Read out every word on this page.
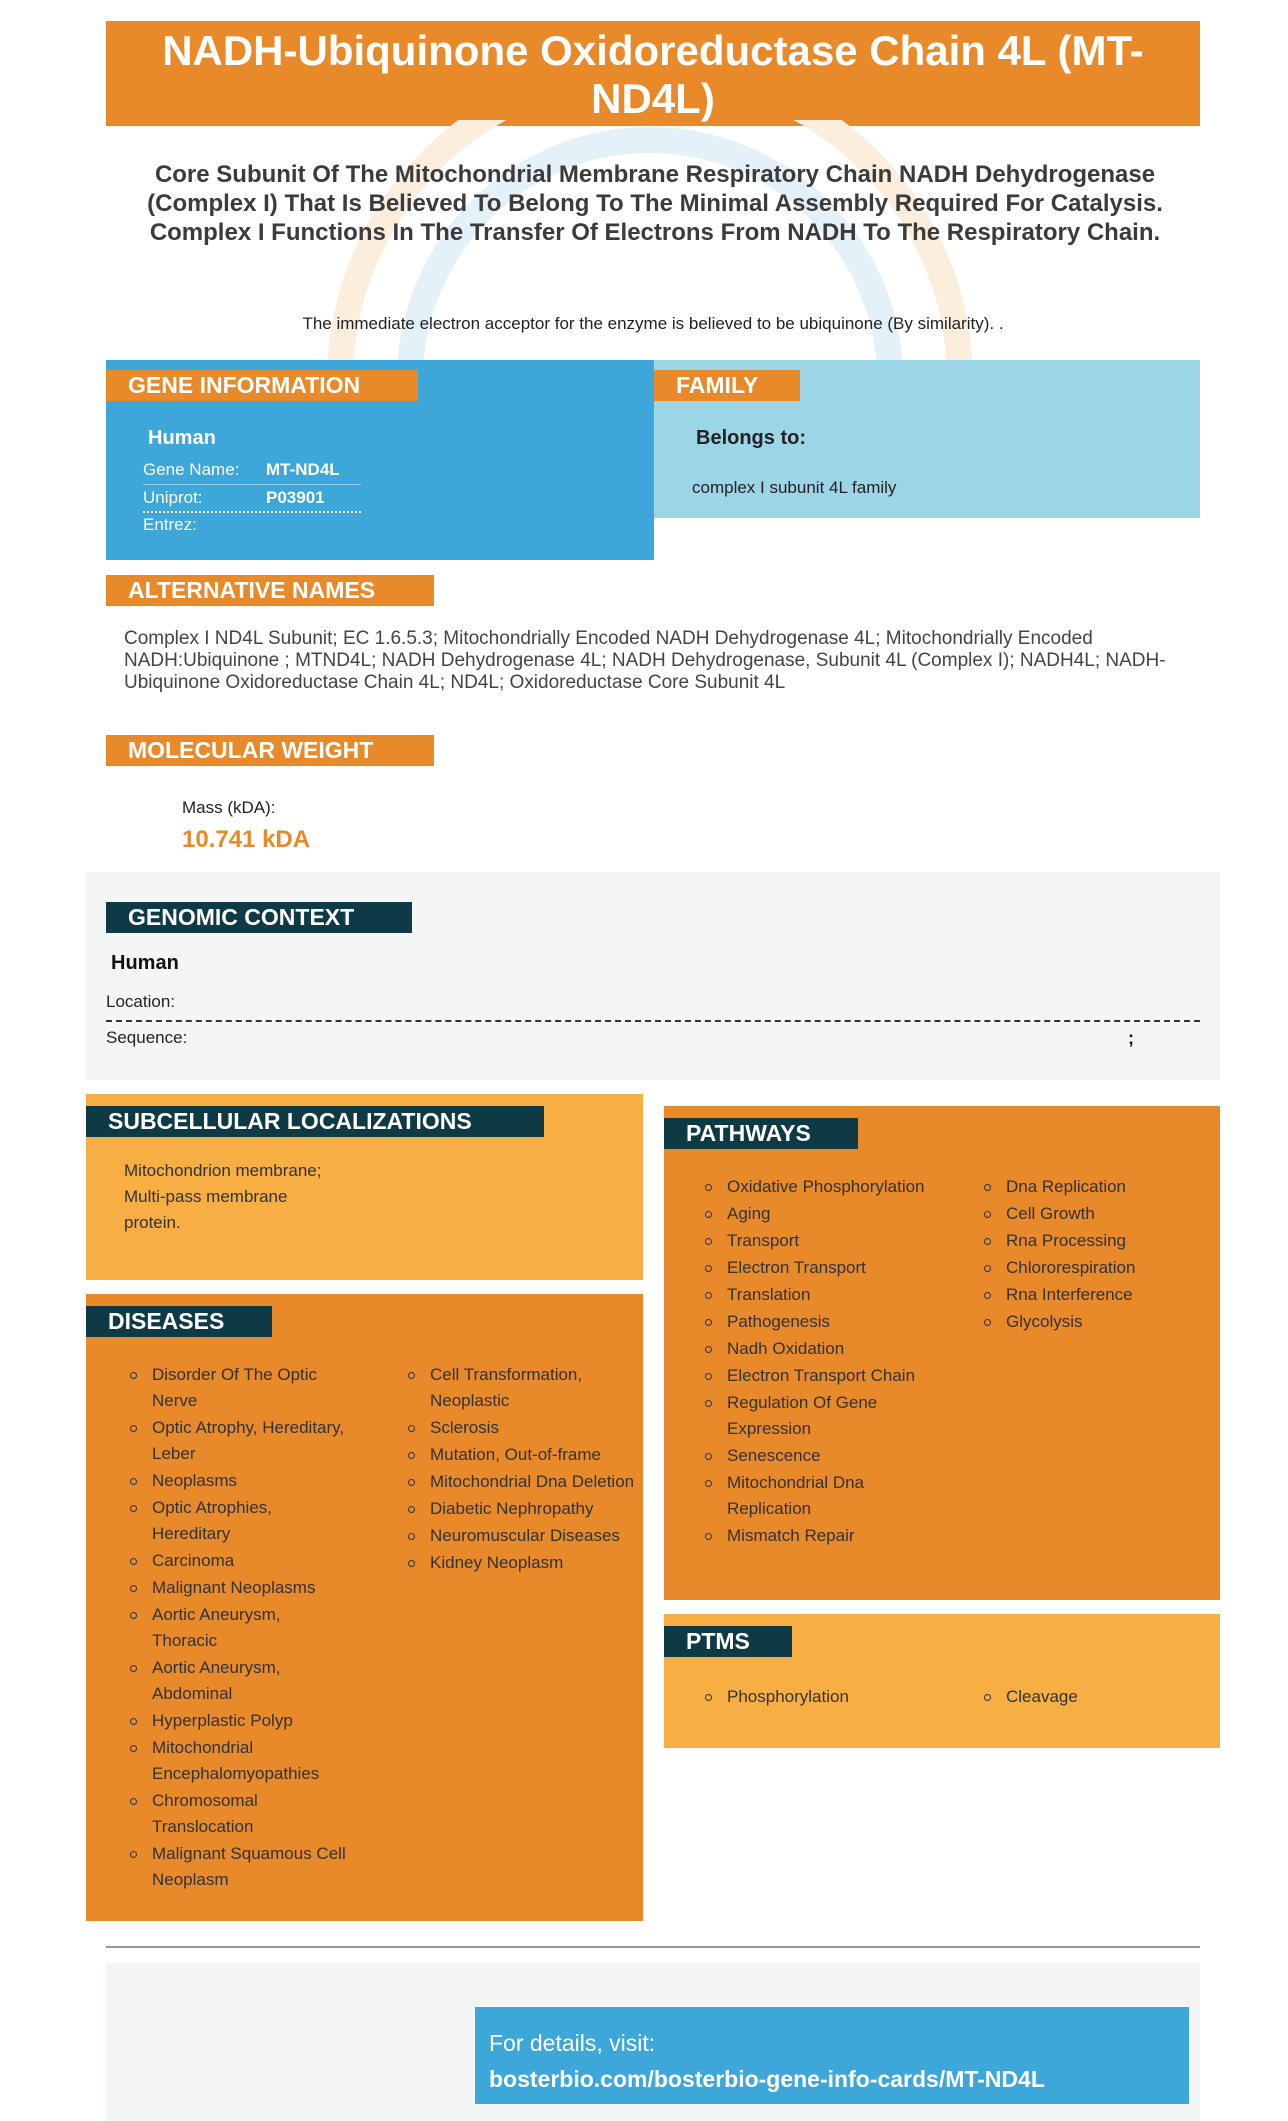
NADH-Ubiquinone Oxidoreductase Chain 4L (MT-ND4L)
Core Subunit Of The Mitochondrial Membrane Respiratory Chain NADH Dehydrogenase (Complex I) That Is Believed To Belong To The Minimal Assembly Required For Catalysis. Complex I Functions In The Transfer Of Electrons From NADH To The Respiratory Chain.
The immediate electron acceptor for the enzyme is believed to be ubiquinone (By similarity). .
GENE INFORMATION	FAMILY
Human
Gene Name: MT-ND4L
Uniprot:	P03901
Entrez:
Belongs to:
complex I subunit 4L family
ALTERNATIVE NAMES
Complex I ND4L Subunit; EC 1.6.5.3; Mitochondrially Encoded NADH Dehydrogenase 4L; Mitochondrially Encoded NADH:Ubiquinone ; MTND4L; NADH Dehydrogenase 4L; NADH Dehydrogenase, Subunit 4L (Complex I); NADH4L; NADH-Ubiquinone Oxidoreductase Chain 4L; ND4L; Oxidoreductase Core Subunit 4L
MOLECULAR WEIGHT
Mass (kDA):
10.741 kDA
GENOMIC CONTEXT
Human
Location:
Sequence:	;
SUBCELLULAR LOCALIZATIONS
Mitochondrion membrane; Multi-pass membrane protein.
DISEASES
Disorder Of The Optic Nerve
Optic Atrophy, Hereditary, Leber
Neoplasms
Optic Atrophies, Hereditary
Carcinoma
Malignant Neoplasms
Aortic Aneurysm, Thoracic
Aortic Aneurysm, Abdominal
Hyperplastic Polyp
Mitochondrial Encephalomyopathies
Chromosomal Translocation
Malignant Squamous Cell Neoplasm
Cell Transformation, Neoplastic
Sclerosis
Mutation, Out-of-frame
Mitochondrial Dna Deletion
Diabetic Nephropathy
Neuromuscular Diseases
Kidney Neoplasm
PATHWAYS
Oxidative Phosphorylation
Aging
Transport
Electron Transport
Translation
Pathogenesis
Nadh Oxidation
Electron Transport Chain
Regulation Of Gene Expression
Senescence
Mitochondrial Dna Replication
Mismatch Repair
Dna Replication
Cell Growth
Rna Processing
Chlororespiration
Rna Interference
Glycolysis
PTMS
Phosphorylation	Cleavage
For details, visit:
bosterbio.com/bosterbio-gene-info-cards/MT-ND4L
